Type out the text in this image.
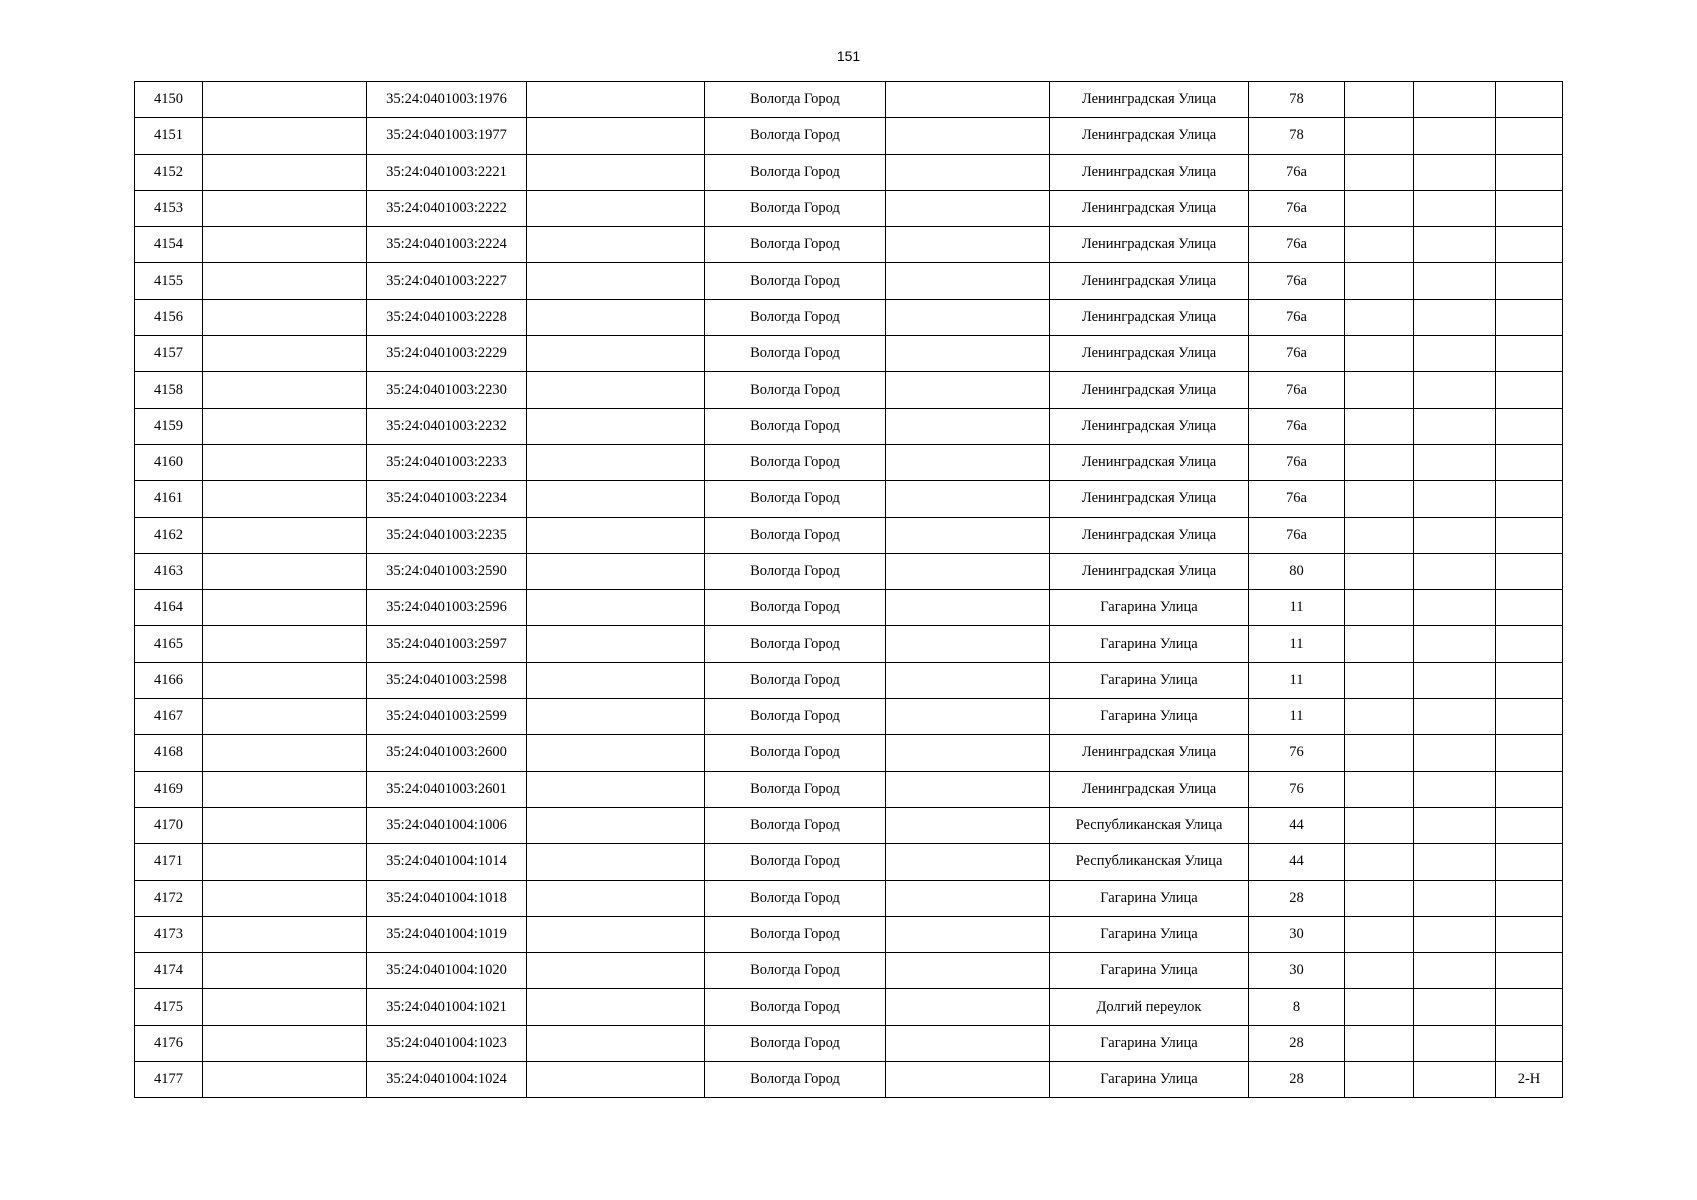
151
4150		35:24:0401003:1976		Вологда Город		Ленинградская Улица	78			
4151		35:24:0401003:1977		Вологда Город		Ленинградская Улица	78			
4152		35:24:0401003:2221		Вологда Город		Ленинградская Улица	76а			
4153		35:24:0401003:2222		Вологда Город		Ленинградская Улица	76а			
4154		35:24:0401003:2224		Вологда Город		Ленинградская Улица	76а			
4155		35:24:0401003:2227		Вологда Город		Ленинградская Улица	76а			
4156		35:24:0401003:2228		Вологда Город		Ленинградская Улица	76а			
4157		35:24:0401003:2229		Вологда Город		Ленинградская Улица	76а			
4158		35:24:0401003:2230		Вологда Город		Ленинградская Улица	76а			
4159		35:24:0401003:2232		Вологда Город		Ленинградская Улица	76а			
4160		35:24:0401003:2233		Вологда Город		Ленинградская Улица	76а			
4161		35:24:0401003:2234		Вологда Город		Ленинградская Улица	76а			
4162		35:24:0401003:2235		Вологда Город		Ленинградская Улица	76а			
4163		35:24:0401003:2590		Вологда Город		Ленинградская Улица	80			
4164		35:24:0401003:2596		Вологда Город		Гагарина Улица	11			
4165		35:24:0401003:2597		Вологда Город		Гагарина Улица	11			
4166		35:24:0401003:2598		Вологда Город		Гагарина Улица	11			
4167		35:24:0401003:2599		Вологда Город		Гагарина Улица	11			
4168		35:24:0401003:2600		Вологда Город		Ленинградская Улица	76			
4169		35:24:0401003:2601		Вологда Город		Ленинградская Улица	76			
4170		35:24:0401004:1006		Вологда Город		Республиканская Улица	44			
4171		35:24:0401004:1014		Вологда Город		Республиканская Улица	44			
4172		35:24:0401004:1018		Вологда Город		Гагарина Улица	28			
4173		35:24:0401004:1019		Вологда Город		Гагарина Улица	30			
4174		35:24:0401004:1020		Вологда Город		Гагарина Улица	30			
4175		35:24:0401004:1021		Вологда Город		Долгий переулок	8			
4176		35:24:0401004:1023		Вологда Город		Гагарина Улица	28			
4177		35:24:0401004:1024		Вологда Город		Гагарина Улица	28			2-Н
